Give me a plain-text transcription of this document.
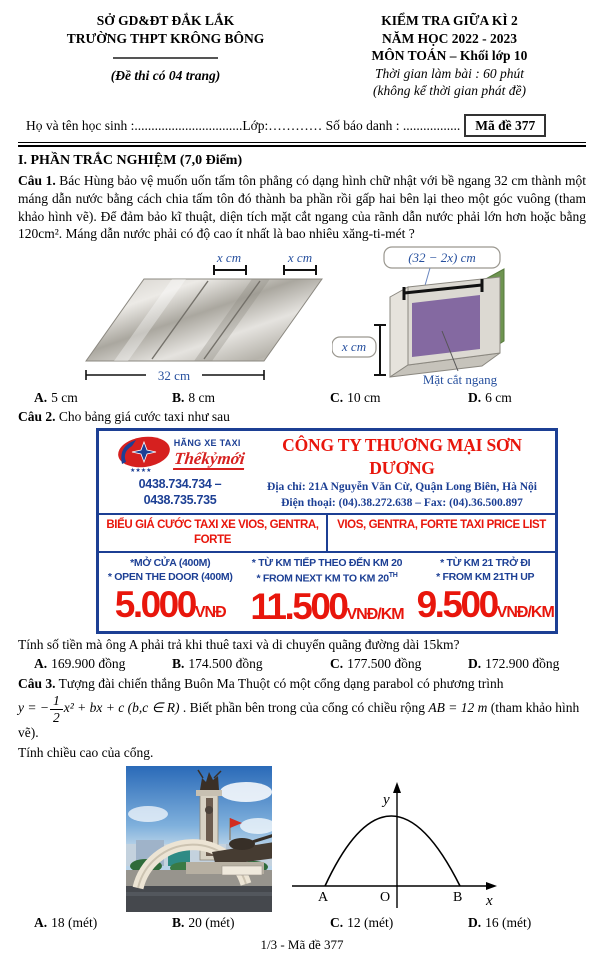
SỞ GD&ĐT ĐẮK LẮK
TRƯỜNG THPT KRÔNG BÔNG
(Đề thi có 04 trang)
KIỂM TRA GIỮA KÌ 2
NĂM HỌC 2022 - 2023
MÔN TOÁN – Khối lớp 10
Thời gian làm bài : 60 phút
(không kể thời gian phát đề)
Họ và tên học sinh :................................ Lớp:…………
Số báo danh : .................	Mã đề 377
I. PHẦN TRẮC NGHIỆM (7,0 Điểm)

Câu 1. Bác Hùng bảo vệ muốn uốn tấm tôn phẳng có dạng hình chữ nhật với bề ngang 32 cm thành một máng dẫn nước bằng cách chia tấm tôn đó thành ba phần rồi gấp hai bên lại theo một góc vuông (tham khảo hình vẽ). Để đảm bảo kĩ thuật, diện tích mặt cắt ngang của rãnh dẫn nước phải lớn hơn hoặc bằng 120cm². Máng dẫn nước phải có độ cao ít nhất là bao nhiêu xăng-ti-mét ?

x cm	x cm
32 cm
(32 − 2x) cm
x cm
Mặt cắt ngang
A. 5 cm	B. 8 cm	C. 10 cm	D. 6 cm

Câu 2. Cho bảng giá cước taxi như sau

★★★★
HÃNG XE TAXI
Thếkỷmới
0438.734.734 – 0438.735.735
CÔNG TY THƯƠNG MẠI SƠN DƯƠNG
Địa chỉ: 21A Nguyễn Văn Cừ, Quận Long Biên, Hà Nội
Điện thoại: (04).38.272.638 – Fax: (04).36.500.897
BIỂU GIÁ CƯỚC TAXI XE VIOS, GENTRA, FORTE
VIOS, GENTRA, FORTE TAXI PRICE LIST
*MỞ CỬA (400M)
* OPEN THE DOOR (400M)
5.000VNĐ
* TỪ KM TIẾP THEO ĐẾN KM 20
* FROM NEXT KM TO KM 20TH
11.500VNĐ/KM
* TỪ KM 21 TRỞ ĐI
* FROM KM 21TH UP
9.500VNĐ/KM

Tính số tiền mà ông A phải trả khi thuê taxi và di chuyển quãng đường dài 15km?

A. 169.900 đồng	B. 174.500 đồng	C. 177.500 đồng	D. 172.900 đồng

Câu 3. Tượng đài chiến thắng Buôn Ma Thuột có một cổng dạng parabol có phương trình

y = − $\frac{1}{2} x^2$ + bx + c (b,c ∈ R) . Biết phần bên trong của cổng có chiều rộng AB = 12 m (tham khảo hình vẽ).
Tính chiều cao của cổng.
y
x
A	O	B
A. 18 (mét)	B. 20 (mét)	C. 12 (mét)	D. 16 (mét)
1/3 - Mã đề 377
